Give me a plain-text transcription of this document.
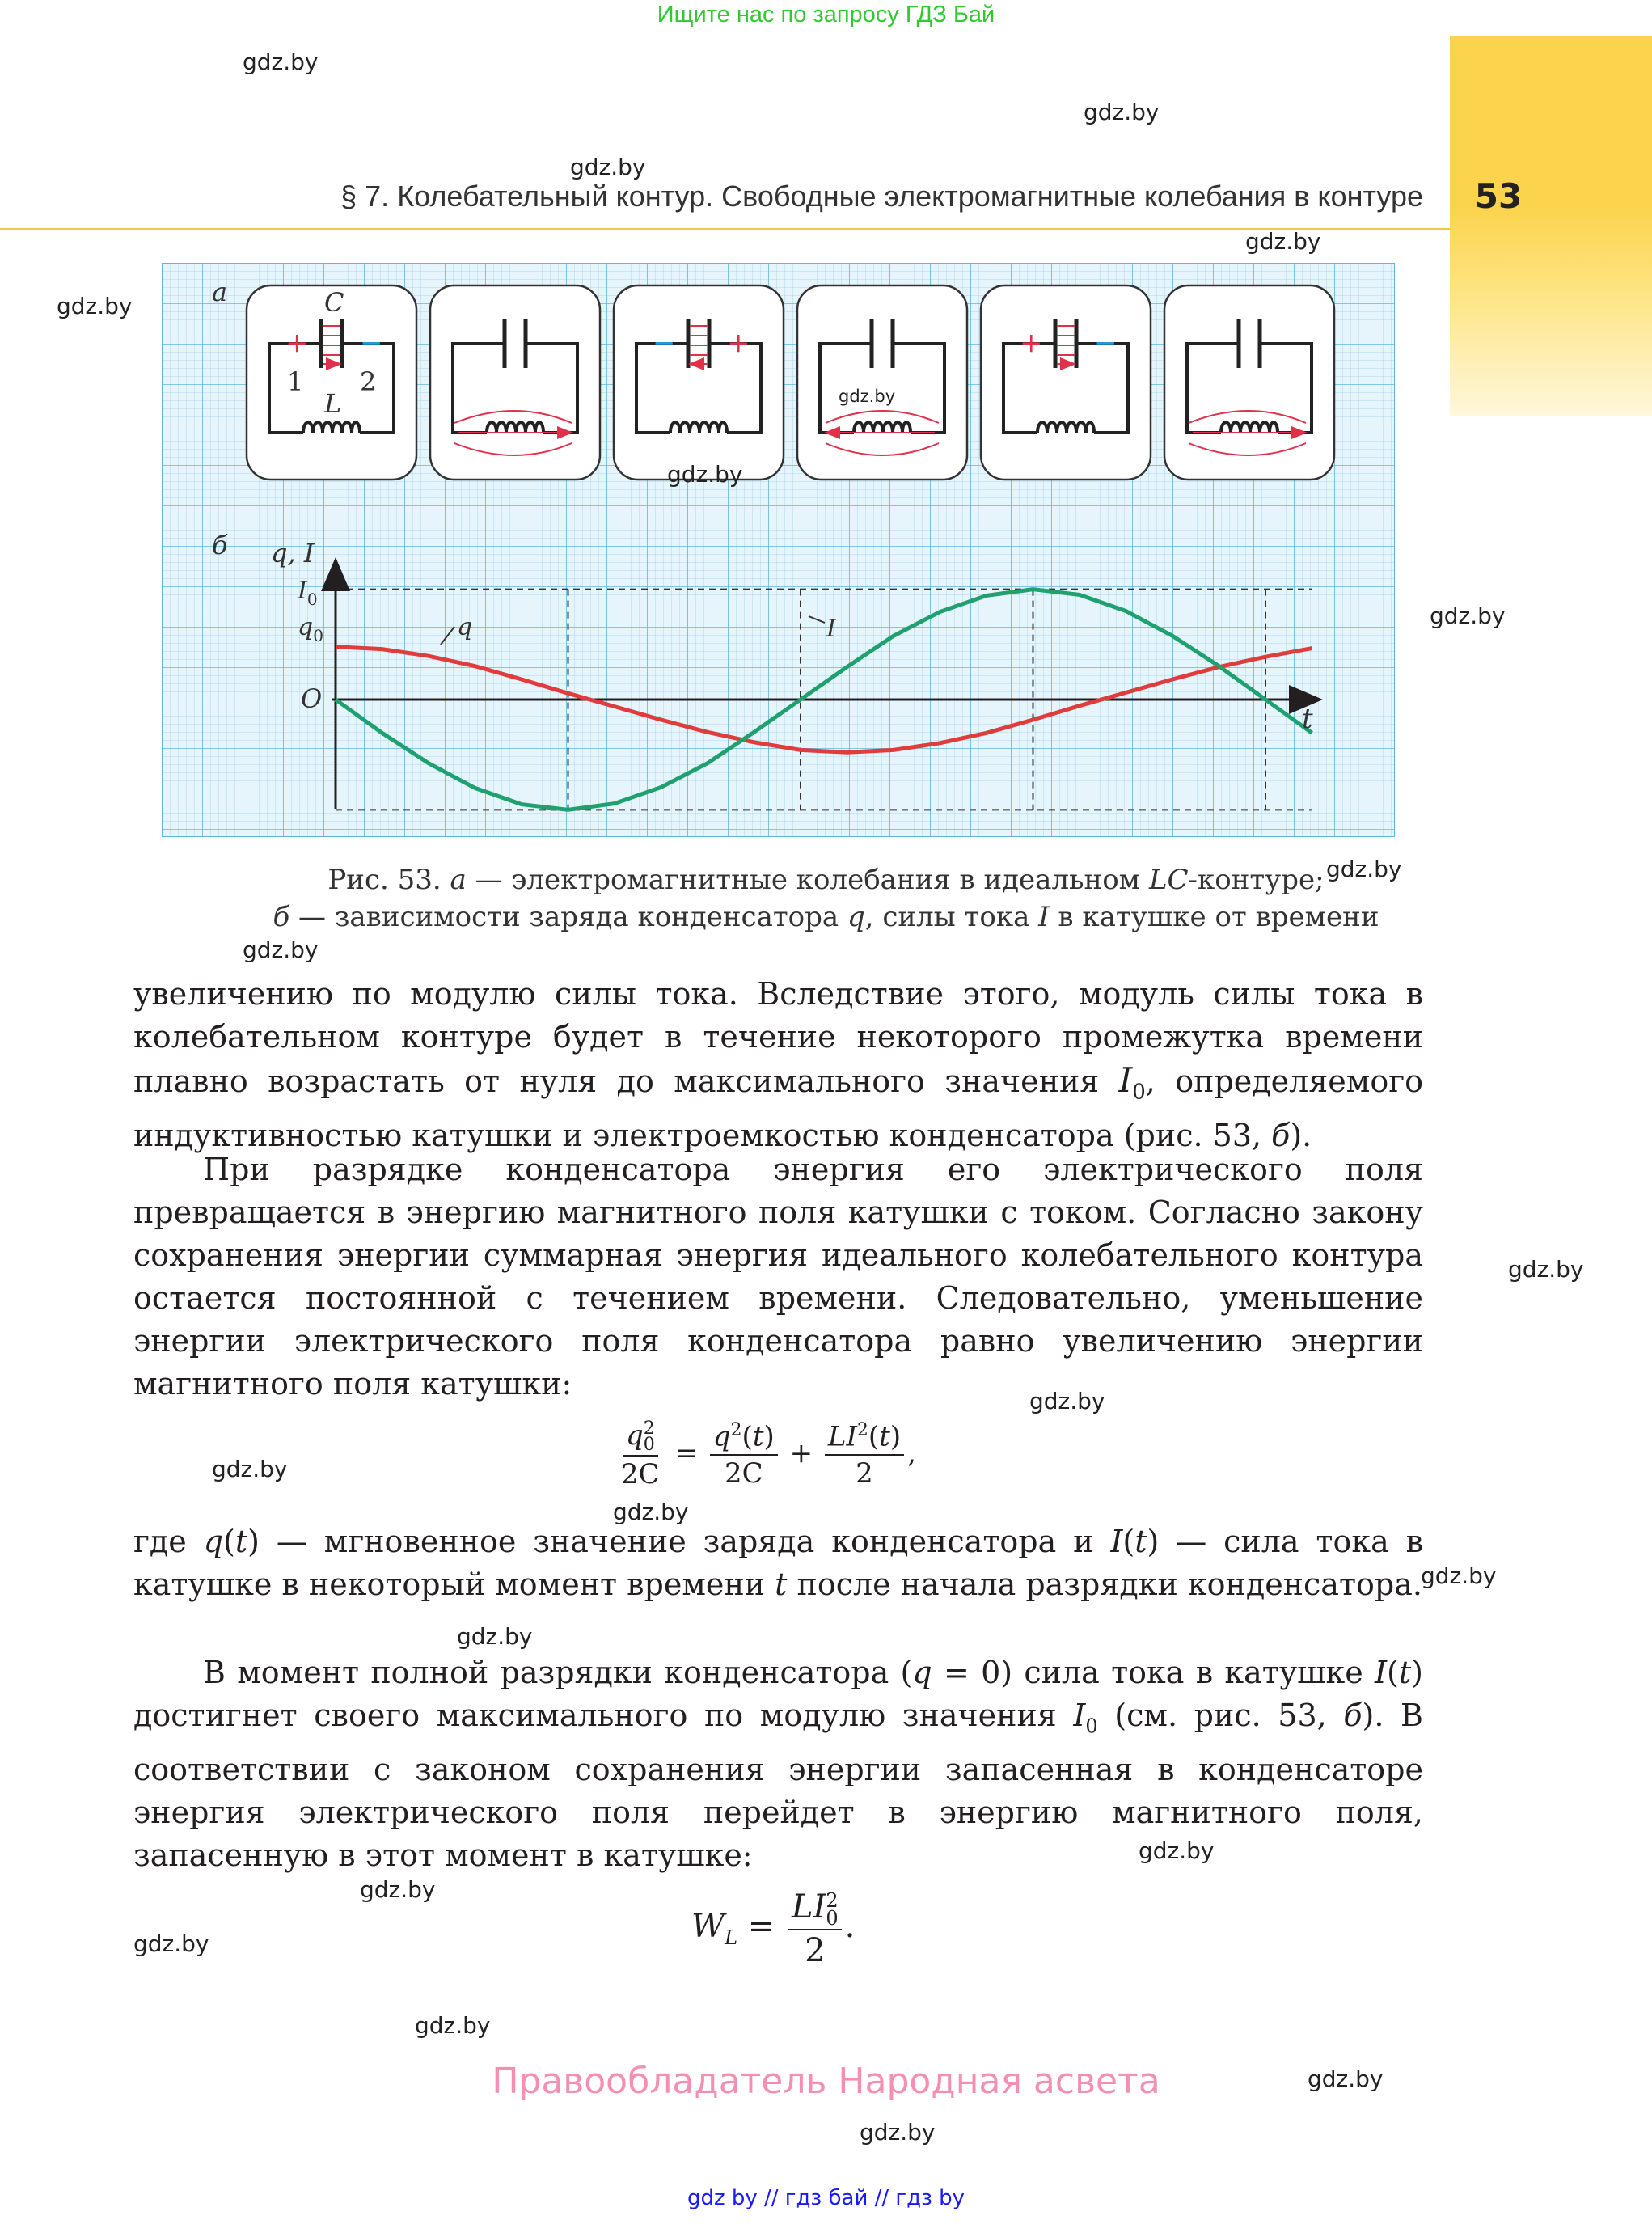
Ищите нас по запросу ГДЗ Бай
§ 7. Колебательный контур. Свободные электромагнитные колебания в контуре	53
а
б
C
+ −
1 2
L
− +	+ −
q, I
$I_0$
$q_0$
O
t
q	I
Рис. 53. а — электромагнитные колебания в идеальном LC-контуре;
б — зависимости заряда конденсатора q, силы тока I в катушке от времени
увеличению по модулю силы тока. Вследствие этого, модуль силы тока в колебательном контуре будет в течение некоторого промежутка времени плавно возрастать от нуля до максимального значения $I_0$, определяемого индуктивностью катушки и электроемкостью конденсатора (рис. 53, б).
При разрядке конденсатора энергия его электрического поля превращается в энергию магнитного поля катушки с током. Согласно закону сохранения энергии суммарная энергия идеального колебательного контура остается постоянной с течением времени. Следовательно, уменьшение энергии электрического поля конденсатора равно увеличению энергии магнитного поля катушки:
q 2
0
$2C = \frac{q^2(t)}{2C} + \frac{LI^2(t)}{2}$ ,
где q(t) — мгновенное значение заряда конденсатора и I(t) — сила тока в катушке в некоторый момент времени t после начала разрядки конденсатора.
В момент полной разрядки конденсатора (q = 0) сила тока в катушке I(t) достигнет своего максимального по модулю значения $I_0$ (см. рис. 53, б). В соответствии с законом сохранения энергии запасенная в конденсаторе энергия электрического поля перейдет в энергию магнитного поля, запасенную в этот момент в катушке:
$W_L$ = LI 2
0
2 .
Правообладатель Народная асвета
gdz by // гдз бай // гдз by
gdz.by
gdz.by
gdz.by
gdz.by
gdz.by
gdz.by
gdz.by
gdz.by
gdz.by
gdz.by
gdz.by
gdz.by
gdz.by
gdz.by
gdz.by
gdz.by
gdz.by
gdz.by
gdz.by
gdz.by
gdz.by
gdz.by
